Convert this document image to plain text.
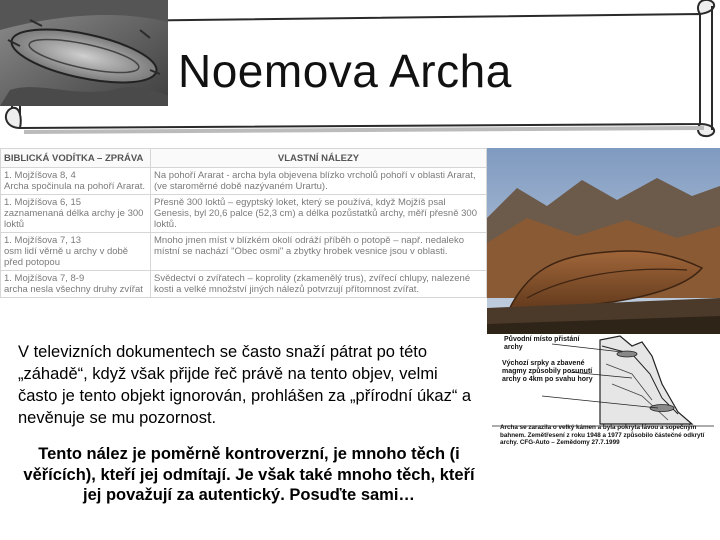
Noemova Archa
BIBLICKÁ VODÍTKA – ZPRÁVA	VLASTNÍ NÁLEZY
1. Mojžíšova 8, 4
Archa spočinula na pohoří Ararat.	Na pohoří Ararat - archa byla objevena blízko vrcholů pohoří v oblasti Ararat, (ve staroměrné době nazývaném Urartu).
1. Mojžíšova 6, 15
zaznamenaná délka archy je 300 loktů	Přesně 300 loktů – egyptský loket, který se používá, když Mojžíš psal Genesis, byl 20,6 palce (52,3 cm) a délka pozůstatků archy, měří přesně 300 loktů.
1. Mojžíšova 7, 13
osm lidí věrně u archy v době před potopou	Mnoho jmen míst v blízkém okolí odráží příběh o potopě – např. nedaleko místní se nachází "Obec osmi" a zbytky hrobek vesnice jsou v oblasti.
1. Mojžíšova 7, 8-9
archa nesla všechny druhy zvířat	Svědectví o zvířatech – koprolity (zkamenělý trus), zvířecí chlupy, nalezené kosti a velké množství jiných nálezů potvrzují přítomnost zvířat.
Původní místo přistání archy
Výchozí srpky a zbavené magmy způsobily posunutí archy o 4km po svahu hory
Archa se zarazila o velký kámen a byla pokryta lávou a sopečným bahnem. Zemětřesení z roku 1948 a 1977 způsobilo částečné odkrytí archy. CFG-Auto – Zemědomy 27.7.1999
V televizních dokumentech se často snaží pátrat po této „záhadě“, když však přijde řeč právě na tento objev, velmi často je tento objekt ignorován, prohlášen za „přírodní úkaz“ a nevěnuje se mu pozornost.
Tento nález je poměrně kontroverzní, je mnoho těch (i věřících), kteří jej odmítají. Je však také mnoho těch, kteří jej považují za autentický. Posuďte sami…
